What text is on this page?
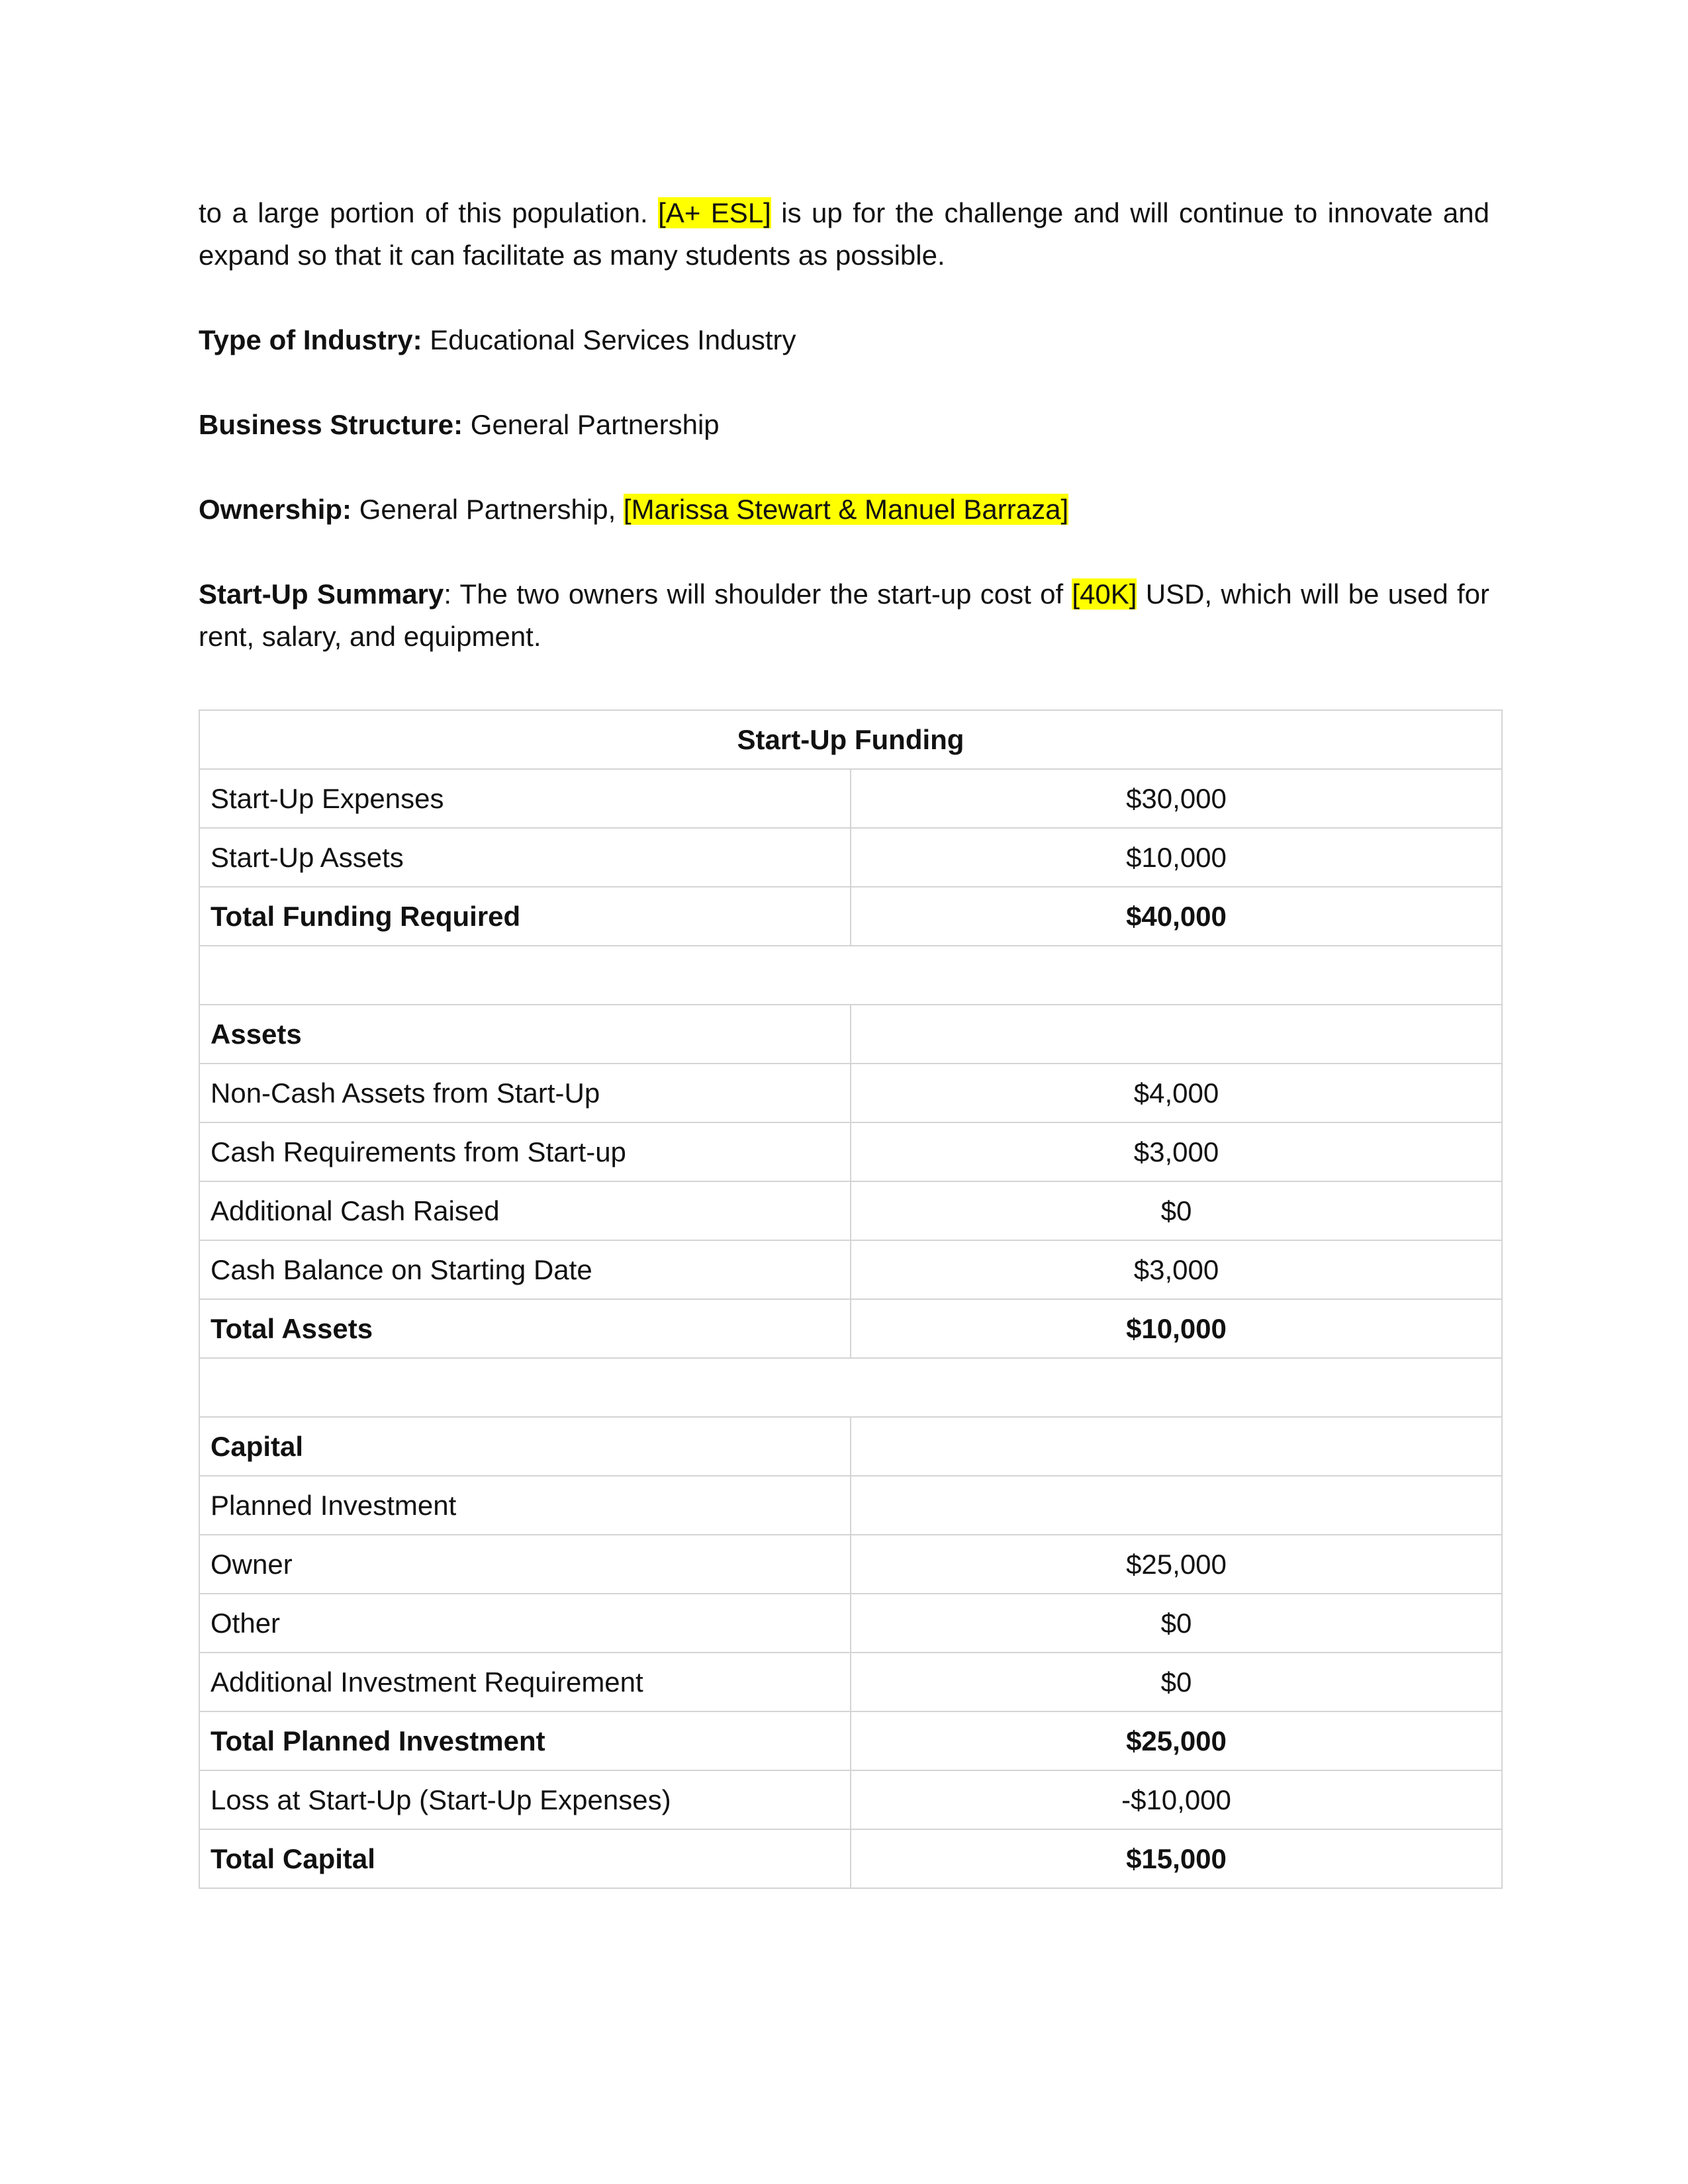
to a large portion of this population. [A+ ESL] is up for the challenge and will continue to innovate and expand so that it can facilitate as many students as possible.

Type of Industry: Educational Services Industry

Business Structure: General Partnership

Ownership: General Partnership, [Marissa Stewart & Manuel Barraza]

Start-Up Summary: The two owners will shoulder the start-up cost of [40K] USD, which will be used for rent, salary, and equipment.

Start-Up Funding	
Start-Up Expenses	$30,000
Start-Up Assets	$10,000
Total Funding Required	$40,000

Assets	
Non-Cash Assets from Start-Up	$4,000
Cash Requirements from Start-up	$3,000
Additional Cash Raised	$0
Cash Balance on Starting Date	$3,000
Total Assets	$10,000

Capital	
Planned Investment	
Owner	$25,000
Other	$0
Additional Investment Requirement	$0
Total Planned Investment	$25,000
Loss at Start-Up (Start-Up Expenses)	-$10,000
Total Capital	$15,000
